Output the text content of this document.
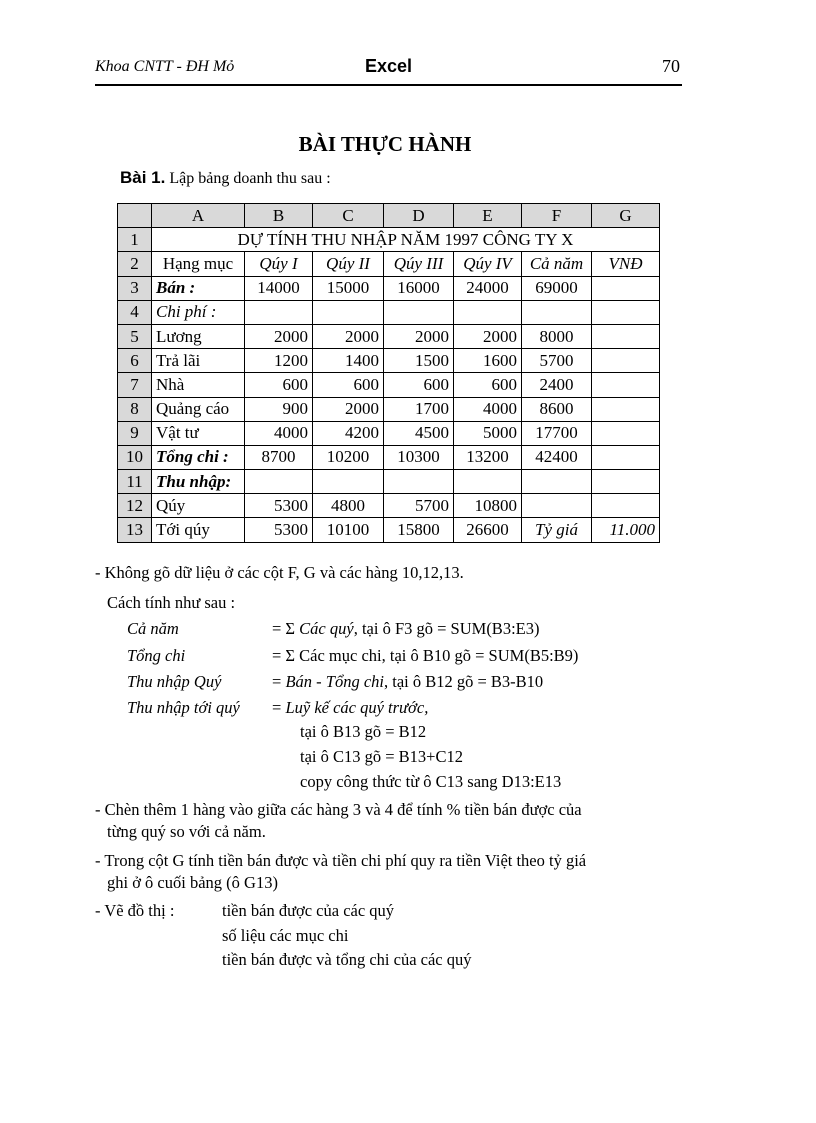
Khoa CNTT - ĐH Mỏ	Excel	70
BÀI THỰC HÀNH
Bài 1. Lập bảng doanh thu sau :
	A	B	C	D	E	F	G
1	DỰ TÍNH THU NHẬP NĂM 1997 CÔNG TY X						
2	Hạng mục	Qúy I	Qúy II	Qúy III	Qúy IV	Cả năm	VNĐ
3	Bán :	14000	15000	16000	24000	69000	
4	Chi phí :						
5	Lương	2000	2000	2000	2000	8000	
6	Trả lãi	1200	1400	1500	1600	5700	
7	Nhà	600	600	600	600	2400	
8	Quảng cáo	900	2000	1700	4000	8600	
9	Vật tư	4000	4200	4500	5000	17700	
10	Tổng chi :	8700	10200	10300	13200	42400	
11	Thu nhập:						
12	Qúy	5300	4800	5700	10800		
13	Tới qúy	5300	10100	15800	26600	Tỷ giá	11.000
- Không gõ dữ liệu ở các cột F, G và các hàng 10,12,13.
Cách tính như sau :
Cả năm	= Σ Các quý, tại ô F3 gõ = SUM(B3:E3)
Tổng chi	= Σ Các mục chi, tại ô B10 gõ = SUM(B5:B9)
Thu nhập Quý	= Bán - Tổng chi, tại ô B12 gõ = B3-B10
Thu nhập tới quý = Luỹ kế các quý trước,
tại ô B13 gõ = B12
tại ô C13 gõ = B13+C12
copy công thức từ ô C13 sang D13:E13
- Chèn thêm 1 hàng vào giữa các hàng 3 và 4 để tính % tiền bán được của
từng quý so với cả năm.
- Trong cột G tính tiền bán được và tiền chi phí quy ra tiền Việt theo tỷ giá
ghi ở ô cuối bảng (ô G13)
- Vẽ đồ thị :	tiền bán được của các quý
số liệu các mục chi
tiền bán được và tổng chi của các quý
